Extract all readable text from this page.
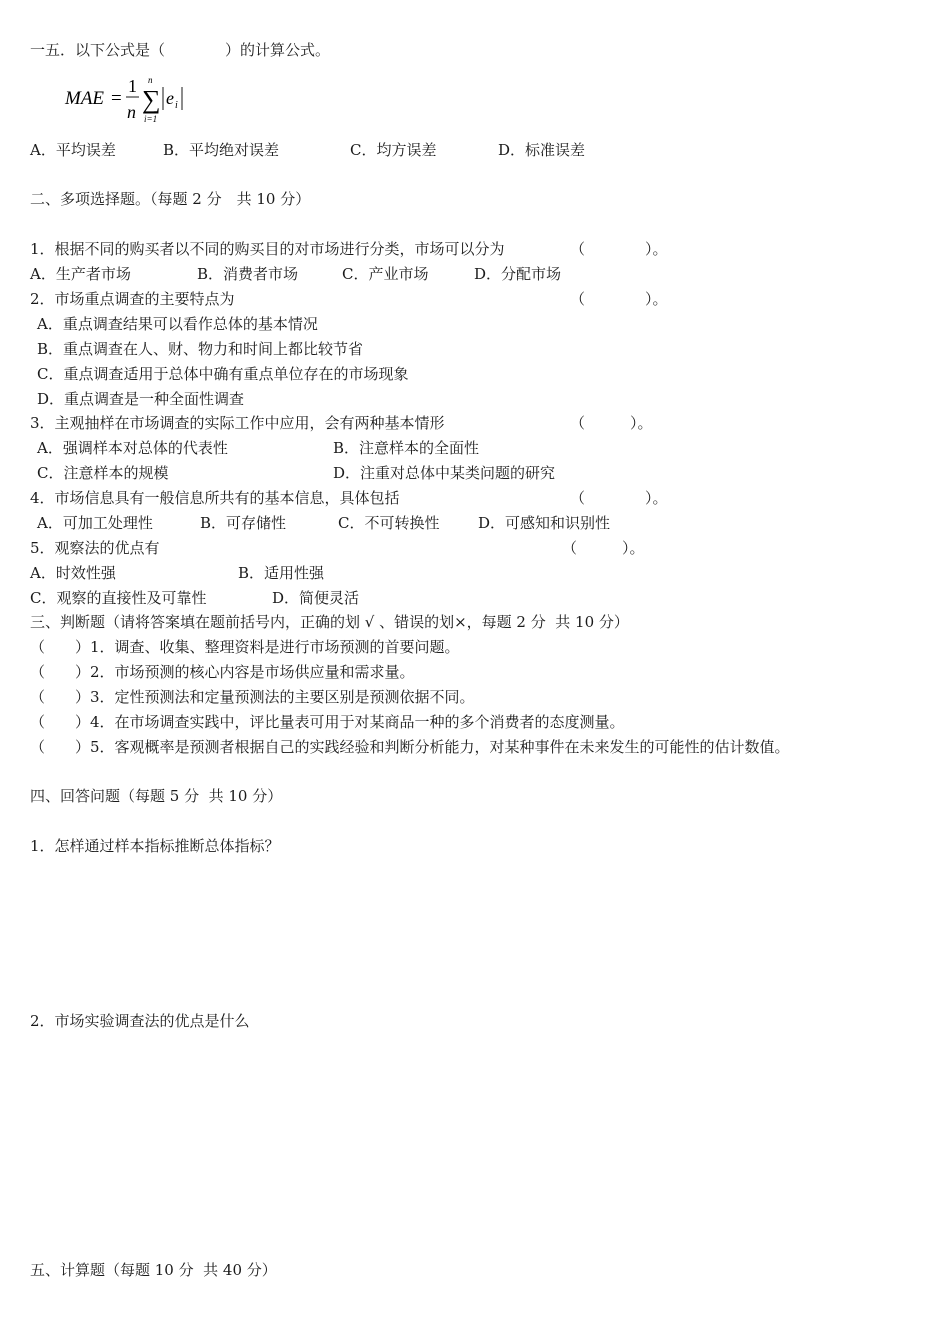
一五．以下公式是（　　　　）的计算公式。
MAE =
1
n
n
∑
i=1
e i
A．平均误差	B．平均绝对误差	C．均方误差	D．标准误差
二、多项选择题。（每题 2 分　共 10 分）
1．根据不同的购买者以不同的购买目的对市场进行分类，市场可以分为	（　　　　）。
A．生产者市场	B．消费者市场	C．产业市场	D．分配市场
2．市场重点调查的主要特点为	（　　　　）。
A．重点调查结果可以看作总体的基本情况
B．重点调查在人、财、物力和时间上都比较节省
C．重点调查适用于总体中确有重点单位存在的市场现象
D．重点调查是一种全面性调查
3．主观抽样在市场调查的实际工作中应用，会有两种基本情形	（　　　）。
A．强调样本对总体的代表性	B．注意样本的全面性
C．注意样本的规模	D．注重对总体中某类问题的研究
4．市场信息具有一般信息所共有的基本信息，具体包括	（　　　　）。
A．可加工处理性	B．可存储性	C．不可转换性	D．可感知和识别性
5．观察法的优点有	（　　　）。
A．时效性强	B．适用性强
C．观察的直接性及可靠性	D．简便灵活
三、判断题（请将答案填在题前括号内，正确的划 √ 、错误的划×，每题 2 分  共 10 分）
（　　）1．调查、收集、整理资料是进行市场预测的首要问题。
（　　）2．市场预测的核心内容是市场供应量和需求量。
（　　）3．定性预测法和定量预测法的主要区别是预测依据不同。
（　　）4．在市场调查实践中，评比量表可用于对某商品一种的多个消费者的态度测量。
（　　）5．客观概率是预测者根据自己的实践经验和判断分析能力，对某种事件在未来发生的可能性的估计数值。
四、回答问题（每题 5 分  共 10 分）
1．怎样通过样本指标推断总体指标？
2．市场实验调查法的优点是什么
五、计算题（每题 10 分  共 40 分）
